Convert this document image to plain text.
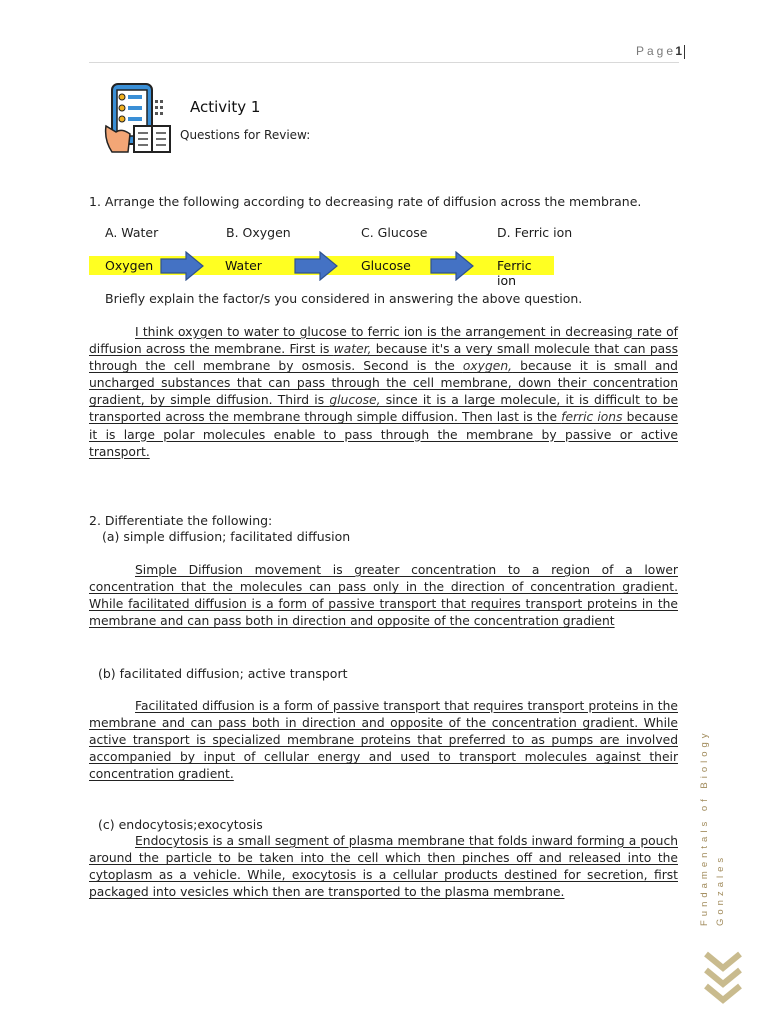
Page 1
Activity 1
Questions for Review:
1. Arrange the following according to decreasing rate of diffusion across the membrane.
A. Water	B. Oxygen	C. Glucose	D. Ferric ion
Oxygen	Water	Glucose	Ferric ion
Briefly explain the factor/s you considered in answering the above question.
I think oxygen to water to glucose to ferric ion is the arrangement in decreasing rate of diffusion across the membrane. First is water, because it's a very small molecule that can pass through the cell membrane by osmosis. Second is the oxygen, because it is small and uncharged substances that can pass through the cell membrane, down their concentration gradient, by simple diffusion. Third is glucose, since it is a large molecule, it is difficult to be transported across the membrane through simple diffusion. Then last is the ferric ions because it is large polar molecules enable to pass through the membrane by passive or active transport.
2. Differentiate the following:
(a) simple diffusion; facilitated diffusion
Simple Diffusion movement is greater concentration to a region of a lower concentration that the molecules can pass only in the direction of concentration gradient. While facilitated diffusion is a form of passive transport that requires transport proteins in the membrane and can pass both in direction and opposite of the concentration gradient
(b) facilitated diffusion; active transport
Facilitated diffusion is a form of passive transport that requires transport proteins in the membrane and can pass both in direction and opposite of the concentration gradient. While active transport is specialized membrane proteins that preferred to as pumps are involved accompanied by input of cellular energy and used to transport molecules against their concentration gradient.
(c) endocytosis;exocytosis
Endocytosis is a small segment of plasma membrane that folds inward forming a pouch around the particle to be taken into the cell which then pinches off and released into the cytoplasm as a vehicle. While, exocytosis is a cellular products destined for secretion, first packaged into vesicles which then are transported to the plasma membrane.	Fundamentals of Biology Gonzales
